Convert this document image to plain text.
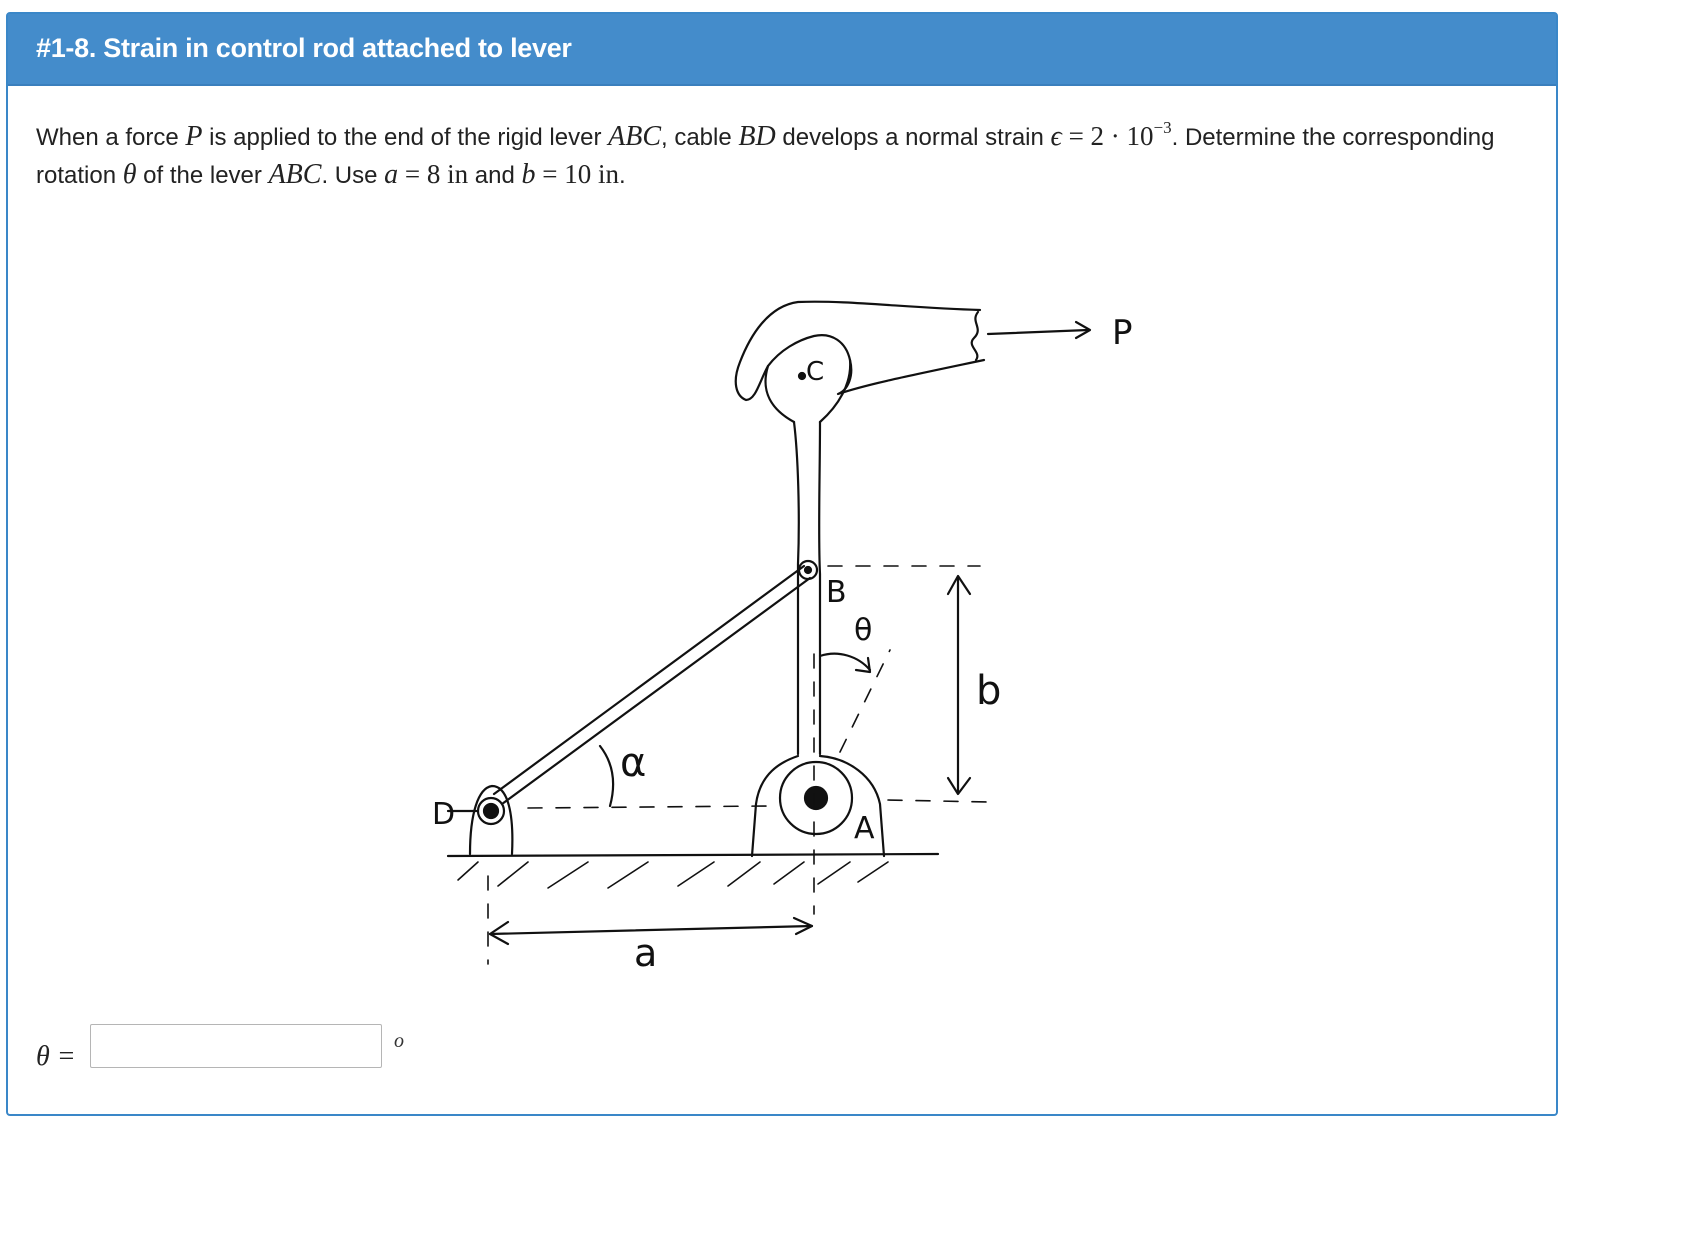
#1-8. Strain in control rod attached to lever
When a force P is applied to the end of the rigid lever ABC, cable BD develops a normal strain $\epsilon = 2 \cdot 10^{-3}$. Determine the corresponding rotation θ of the lever ABC. Use a = 8 in and b = 10 in.
P
C
B
θ
b
α
D	A
a
θ =	o
